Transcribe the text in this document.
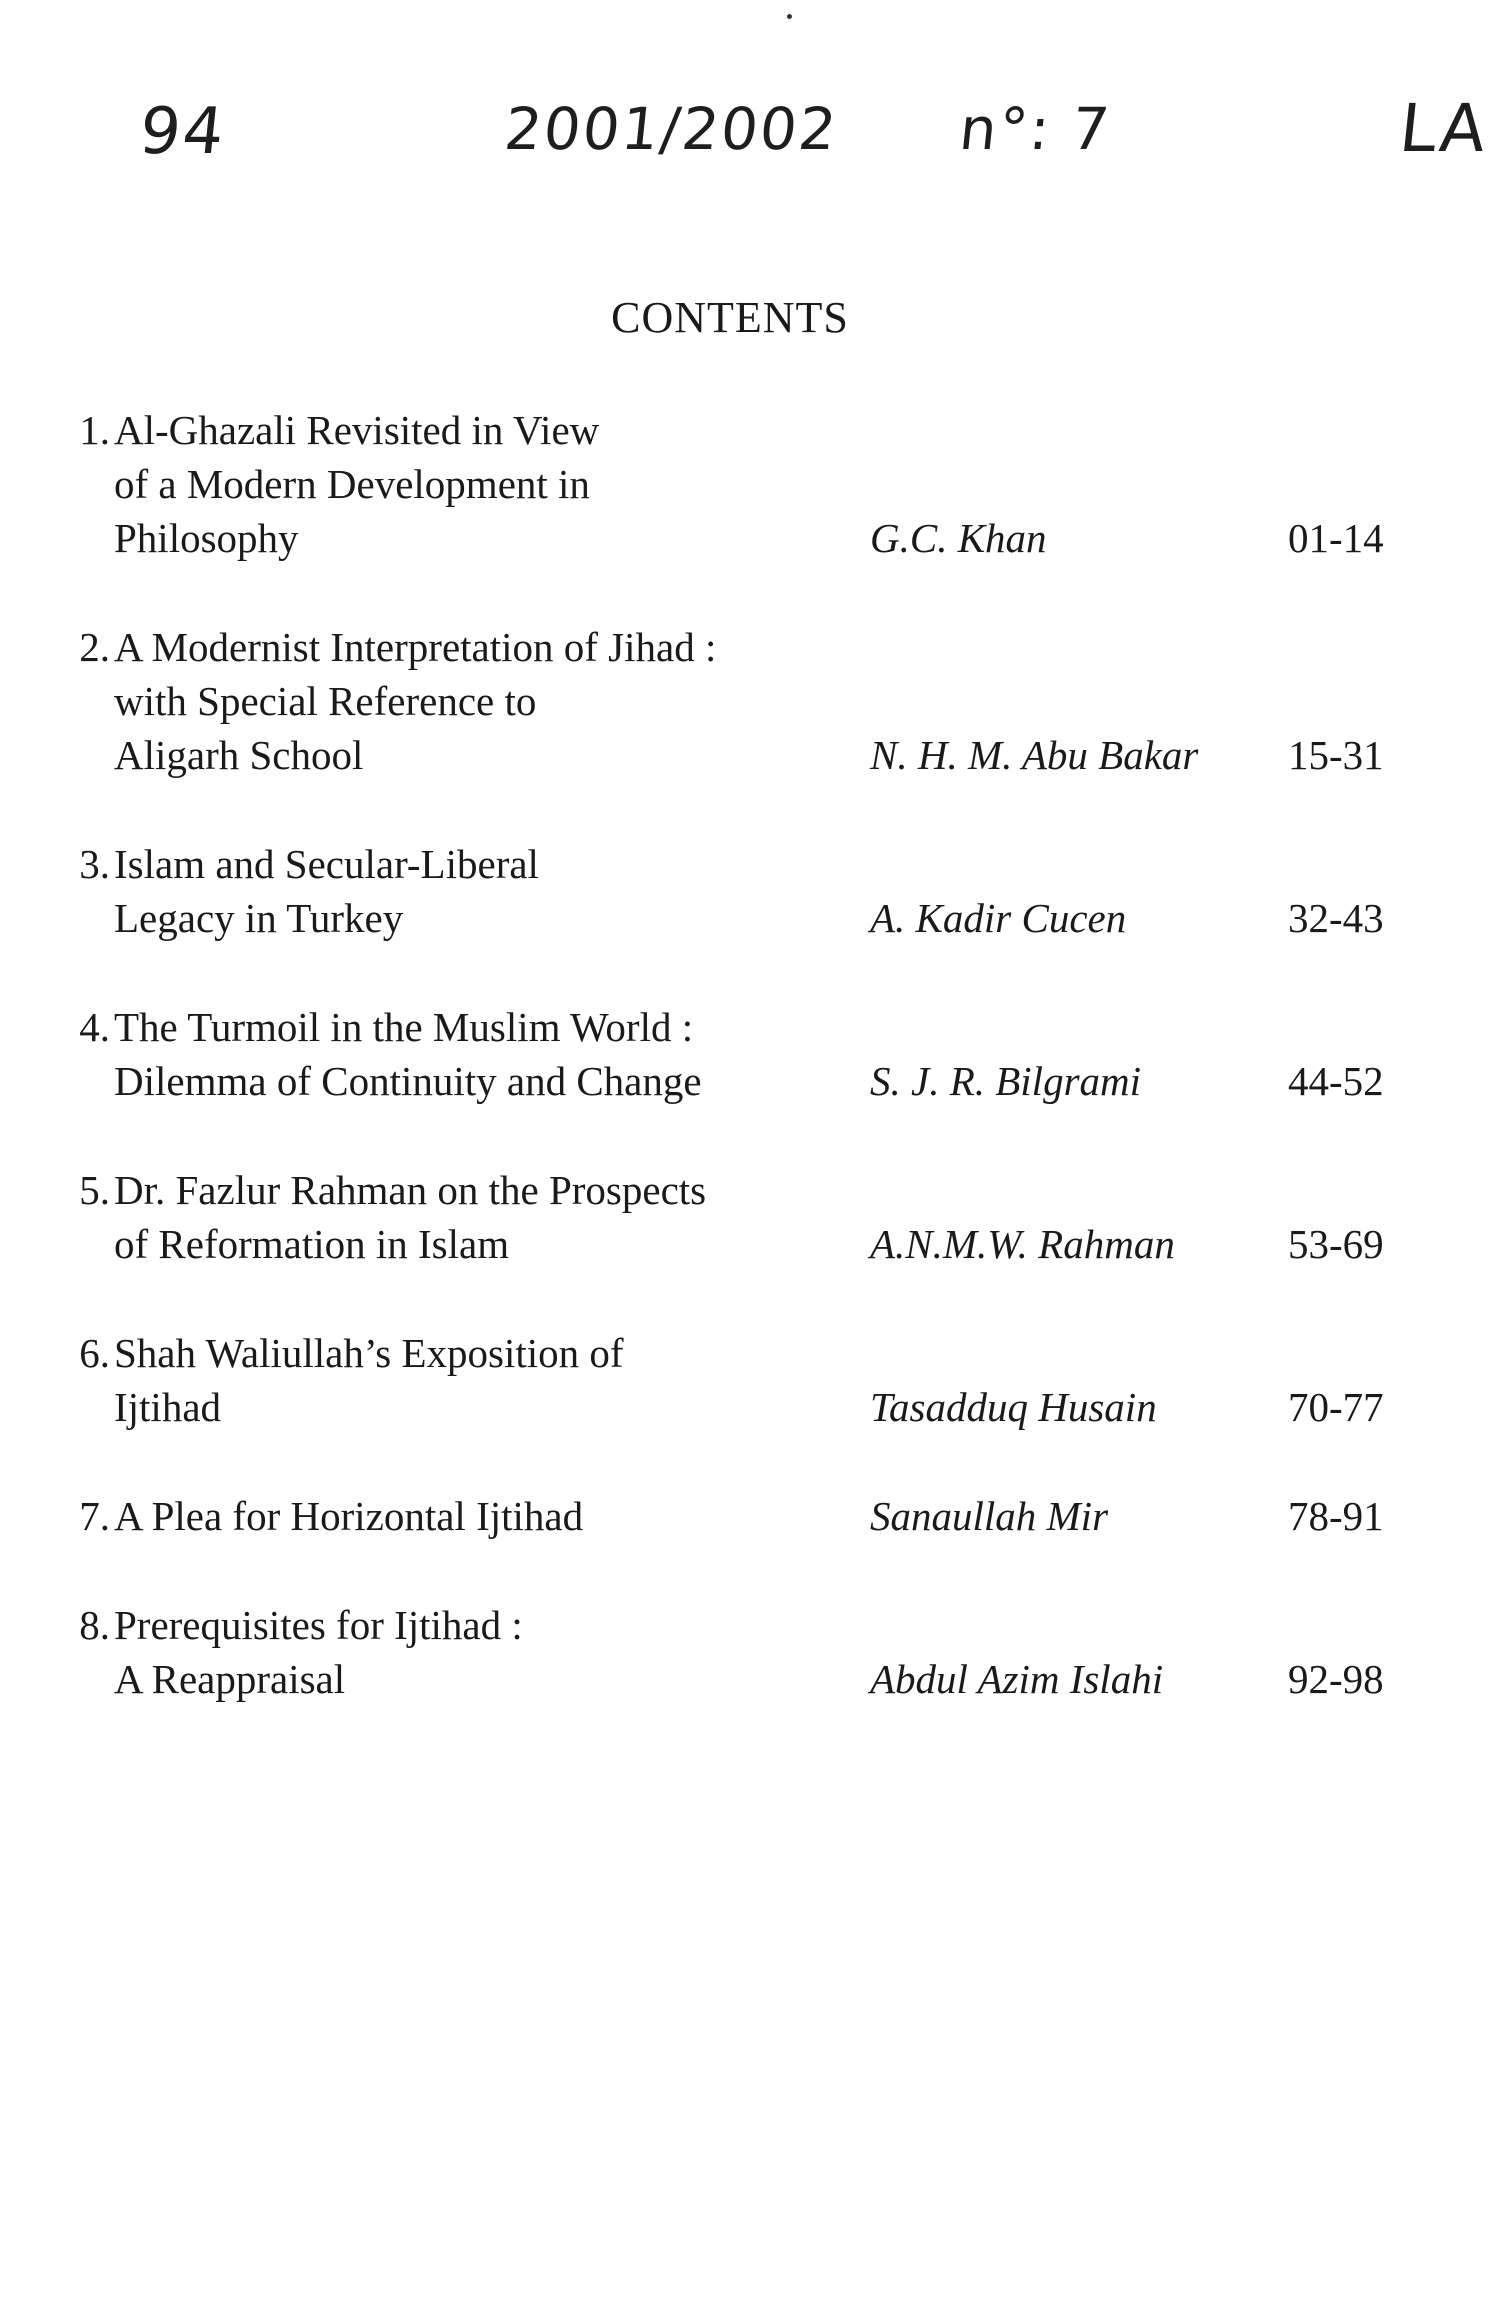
94	2001/2002 n°: 7	LA
CONTENTS
1. Al-Ghazali Revisited in View
of a Modern Development in
Philosophy	G.C. Khan	01-14
2. A Modernist Interpretation of Jihad :
with Special Reference to
Aligarh School	N. H. M. Abu Bakar 15-31
3. Islam and Secular-Liberal
Legacy in Turkey	A. Kadir Cucen	32-43
4. The Turmoil in the Muslim World :
Dilemma of Continuity and Change	S. J. R. Bilgrami	44-52
5. Dr. Fazlur Rahman on the Prospects
of Reformation in Islam	A.N.M.W. Rahman	53-69
6. Shah Waliullah’s Exposition of
Ijtihad	Tasadduq Husain	70-77
7. A Plea for Horizontal Ijtihad	Sanaullah Mir	78-91
8. Prerequisites for Ijtihad :
A Reappraisal	Abdul Azim Islahi	92-98
